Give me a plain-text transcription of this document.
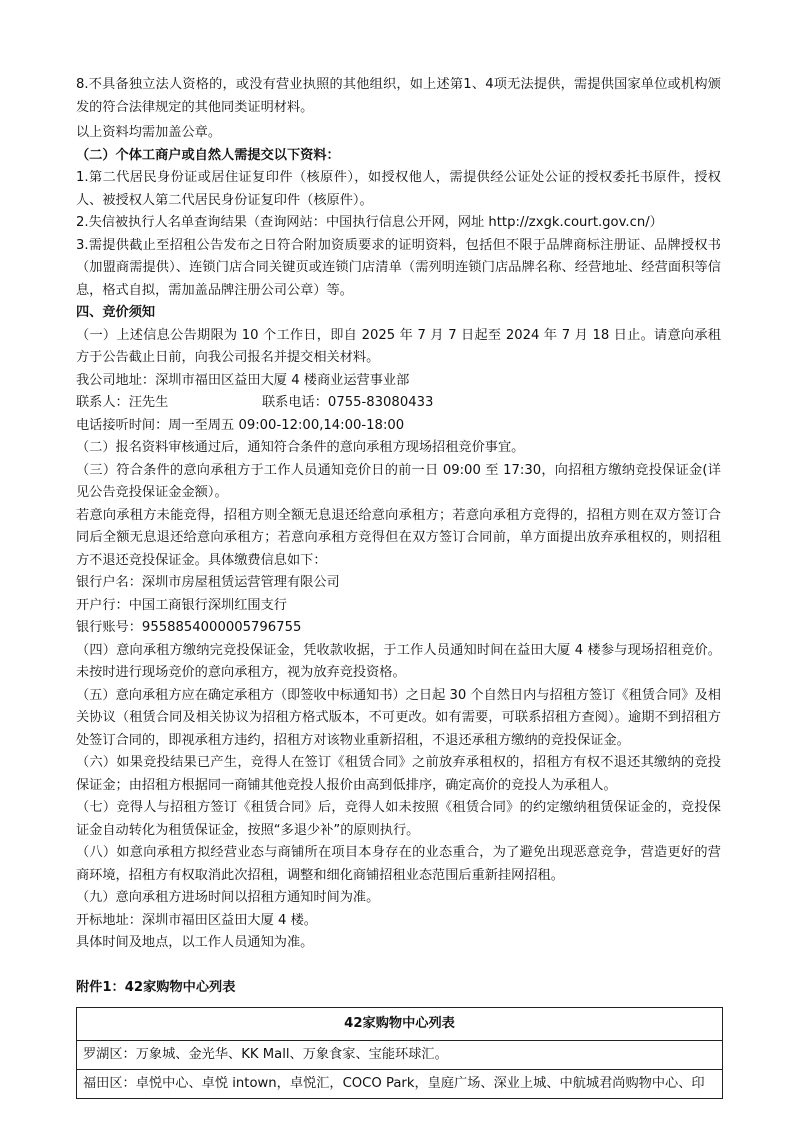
8.不具备独立法人资格的，或没有营业执照的其他组织，如上述第1、4项无法提供，需提供国家单位或机构颁发的符合法律规定的其他同类证明材料。

以上资料均需加盖公章。

（二）个体工商户或自然人需提交以下资料：

1.第二代居民身份证或居住证复印件（核原件），如授权他人，需提供经公证处公证的授权委托书原件，授权人、被授权人第二代居民身份证复印件（核原件）。

2.失信被执行人名单查询结果（查询网站：中国执行信息公开网，网址 http://zxgk.court.gov.cn/）

3.需提供截止至招租公告发布之日符合附加资质要求的证明资料，包括但不限于品牌商标注册证、品牌授权书（加盟商需提供）、连锁门店合同关键页或连锁门店清单（需列明连锁门店品牌名称、经营地址、经营面积等信息，格式自拟，需加盖品牌注册公司公章）等。

四、竞价须知

（一）上述信息公告期限为 10 个工作日，即自 2025 年 7 月 7 日起至 2024 年 7 月 18 日止。请意向承租方于公告截止日前，向我公司报名并提交相关材料。

我公司地址：深圳市福田区益田大厦 4 楼商业运营事业部

联系人：汪先生	联系电话：0755-83080433

电话接听时间：周一至周五 09:00-12:00,14:00-18:00

（二）报名资料审核通过后，通知符合条件的意向承租方现场招租竞价事宜。

（三）符合条件的意向承租方于工作人员通知竞价日的前一日 09:00 至 17:30，向招租方缴纳竞投保证金(详见公告竞投保证金金额）。

若意向承租方未能竞得，招租方则全额无息退还给意向承租方；若意向承租方竞得的，招租方则在双方签订合同后全额无息退还给意向承租方；若意向承租方竞得但在双方签订合同前，单方面提出放弃承租权的，则招租方不退还竞投保证金。具体缴费信息如下：

银行户名：深圳市房屋租赁运营管理有限公司

开户行：中国工商银行深圳红围支行

银行账号：9558854000005796755

（四）意向承租方缴纳完竞投保证金，凭收款收据，于工作人员通知时间在益田大厦 4 楼参与现场招租竞价。未按时进行现场竞价的意向承租方，视为放弃竞投资格。

（五）意向承租方应在确定承租方（即签收中标通知书）之日起 30 个自然日内与招租方签订《租赁合同》及相关协议（租赁合同及相关协议为招租方格式版本，不可更改。如有需要，可联系招租方查阅）。逾期不到招租方处签订合同的，即视承租方违约，招租方对该物业重新招租，不退还承租方缴纳的竞投保证金。

（六）如果竞投结果已产生，竞得人在签订《租赁合同》之前放弃承租权的，招租方有权不退还其缴纳的竞投保证金；由招租方根据同一商铺其他竞投人报价由高到低排序，确定高价的竞投人为承租人。

（七）竞得人与招租方签订《租赁合同》后，竞得人如未按照《租赁合同》的约定缴纳租赁保证金的，竞投保证金自动转化为租赁保证金，按照“多退少补”的原则执行。

（八）如意向承租方拟经营业态与商铺所在项目本身存在的业态重合，为了避免出现恶意竞争，营造更好的营商环境，招租方有权取消此次招租，调整和细化商铺招租业态范围后重新挂网招租。

（九）意向承租方进场时间以招租方通知时间为准。

开标地址：深圳市福田区益田大厦 4 楼。

具体时间及地点，以工作人员通知为准。

附件1：42家购物中心列表

42家购物中心列表
罗湖区：万象城、金光华、KK Mall、万象食家、宝能环球汇。
福田区：卓悦中心、卓悦 intown，卓悦汇，COCO Park，皇庭广场、深业上城、中航城君尚购物中心、印
